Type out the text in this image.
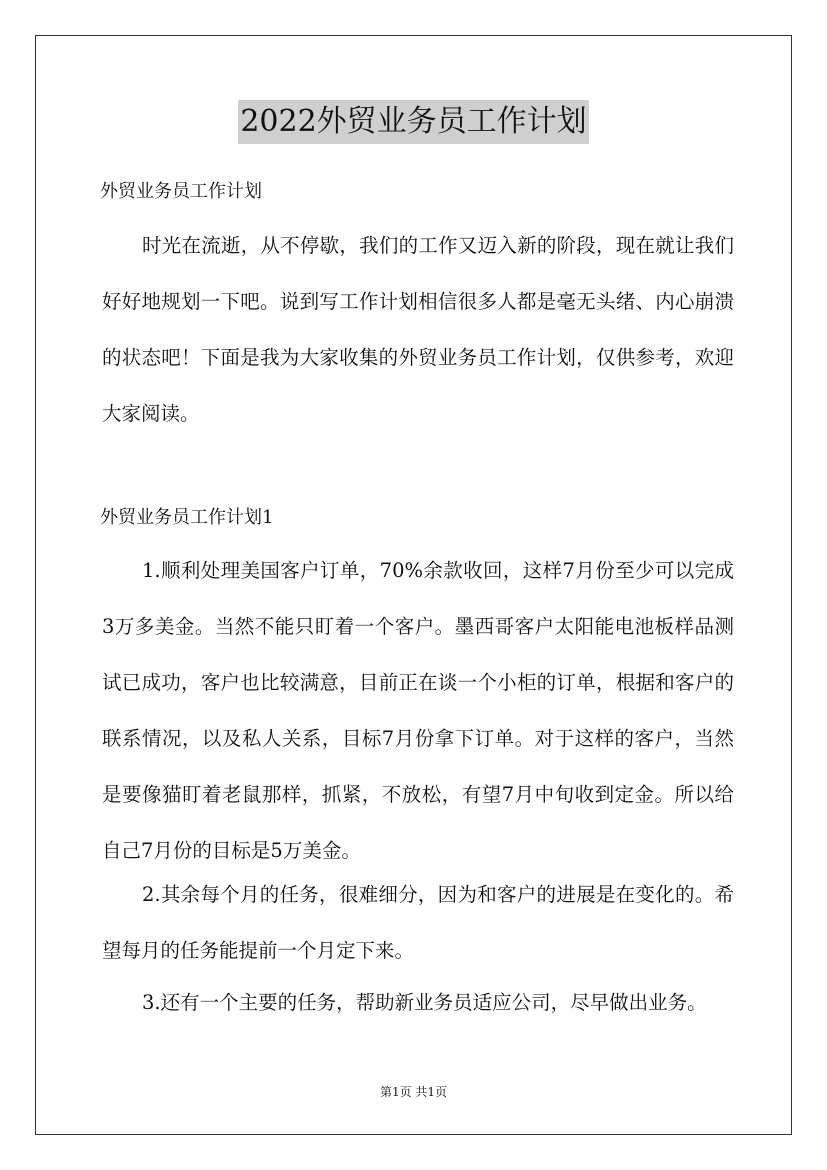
2022外贸业务员工作计划

外贸业务员工作计划

时光在流逝，从不停歇，我们的工作又迈入新的阶段，现在就让我们好好地规划一下吧。说到写工作计划相信很多人都是毫无头绪、内心崩溃的状态吧！下面是我为大家收集的外贸业务员工作计划，仅供参考，欢迎大家阅读。

外贸业务员工作计划1

1.顺利处理美国客户订单，70%余款收回，这样7月份至少可以完成3万多美金。当然不能只盯着一个客户。墨西哥客户太阳能电池板样品测试已成功，客户也比较满意，目前正在谈一个小柜的订单，根据和客户的联系情况，以及私人关系，目标7月份拿下订单。对于这样的客户，当然是要像猫盯着老鼠那样，抓紧，不放松，有望7月中旬收到定金。所以给自己7月份的目标是5万美金。

2.其余每个月的任务，很难细分，因为和客户的进展是在变化的。希望每月的任务能提前一个月定下来。

3.还有一个主要的任务，帮助新业务员适应公司，尽早做出业务。

第1页 共1页
